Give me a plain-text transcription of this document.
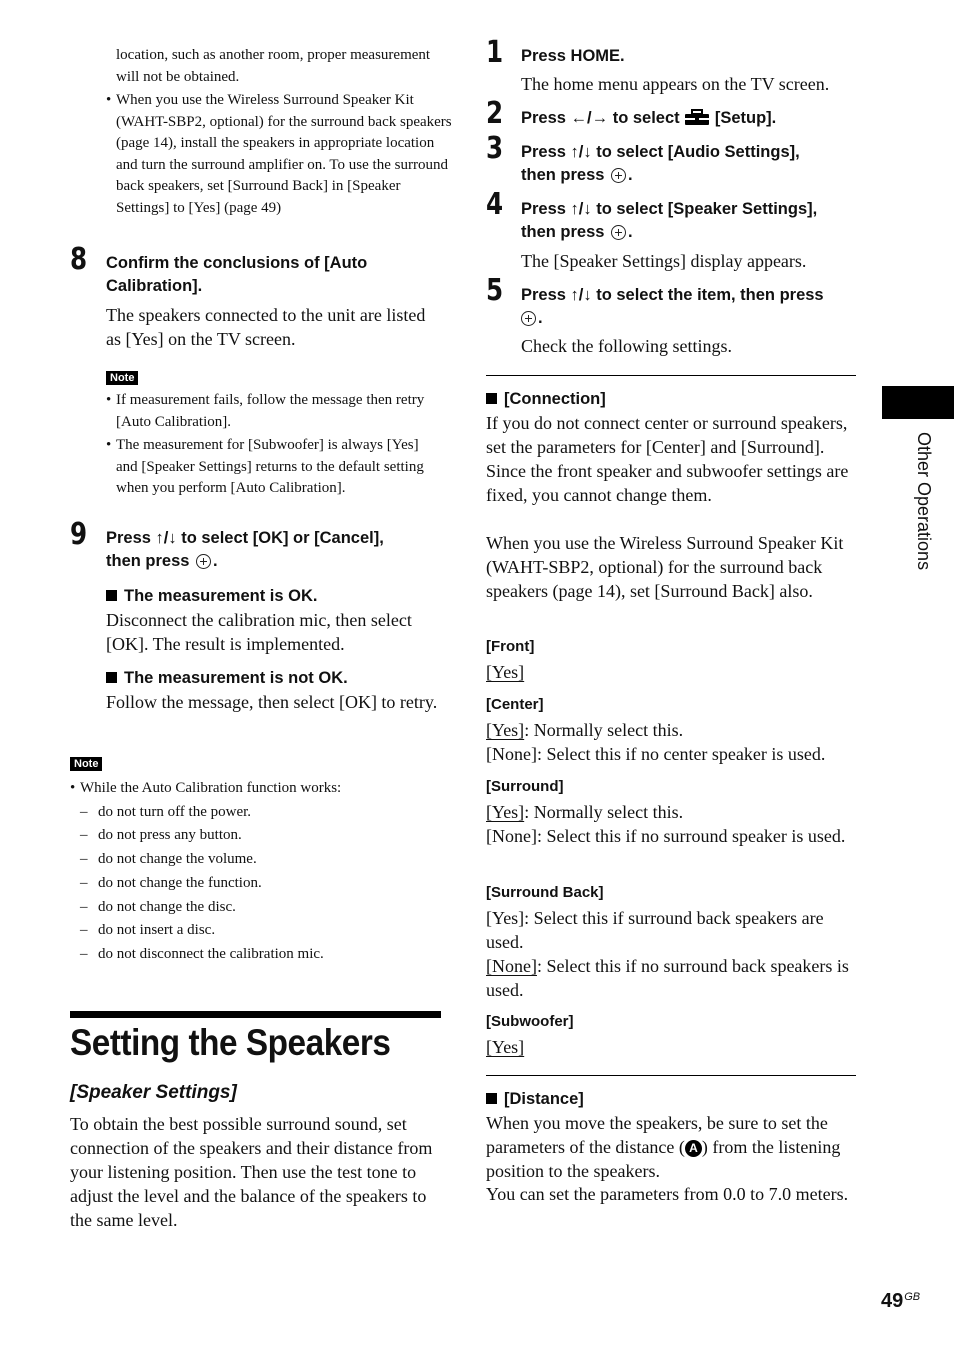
location, such as another room, proper measurement will not be obtained.
• When you use the Wireless Surround Speaker Kit (WAHT-SBP2, optional) for the surround back speakers (page 14), install the speakers in appropriate location and turn the surround amplifier on. To use the surround back speakers, set [Surround Back] in [Speaker Settings] to [Yes] (page 49)
8 Confirm the conclusions of [Auto Calibration].
The speakers connected to the unit are listed as [Yes] on the TV screen.
Note
• If measurement fails, follow the message then retry [Auto Calibration].
• The measurement for [Subwoofer] is always [Yes] and [Speaker Settings] returns to the default setting when you perform [Auto Calibration].
9 Press ↑/↓ to select [OK] or [Cancel],
then press .
The measurement is OK.
Disconnect the calibration mic, then select [OK]. The result is implemented.
The measurement is not OK.
Follow the message, then select [OK] to retry.
Note
• While the Auto Calibration function works:
– do not turn off the power.
– do not press any button.
– do not change the volume.
– do not change the function.
– do not change the disc.
– do not insert a disc.
– do not disconnect the calibration mic.
Setting the Speakers
[Speaker Settings]
To obtain the best possible surround sound, set connection of the speakers and their distance from your listening position. Then use the test tone to adjust the level and the balance of the speakers to the same level.
1 Press HOME.
The home menu appears on the TV screen.
2 Press ←/→ to select [Setup].
3 Press ↑/↓ to select [Audio Settings],
then press .
4 Press ↑/↓ to select [Speaker Settings],
then press .
The [Speaker Settings] display appears.
5 Press ↑/↓ to select the item, then press
.
Check the following settings.
[Connection]
If you do not connect center or surround speakers, set the parameters for [Center] and [Surround]. Since the front speaker and subwoofer settings are fixed, you cannot change them.
When you use the Wireless Surround Speaker Kit (WAHT-SBP2, optional) for the surround back speakers (page 14), set [Surround Back] also.
[Front]
[Yes]
[Center]
[Yes]: Normally select this.
[None]: Select this if no center speaker is used.
[Surround]
[Yes]: Normally select this.
[None]: Select this if no surround speaker is used.
[Surround Back]
[Yes]: Select this if surround back speakers are used.
[None]: Select this if no surround back speakers is used.
[Subwoofer]
[Yes]
[Distance]
When you move the speakers, be sure to set the parameters of the distance ( A ) from the listening position to the speakers.
You can set the parameters from 0.0 to 7.0 meters.
Other Operations
$49^{GB}$
